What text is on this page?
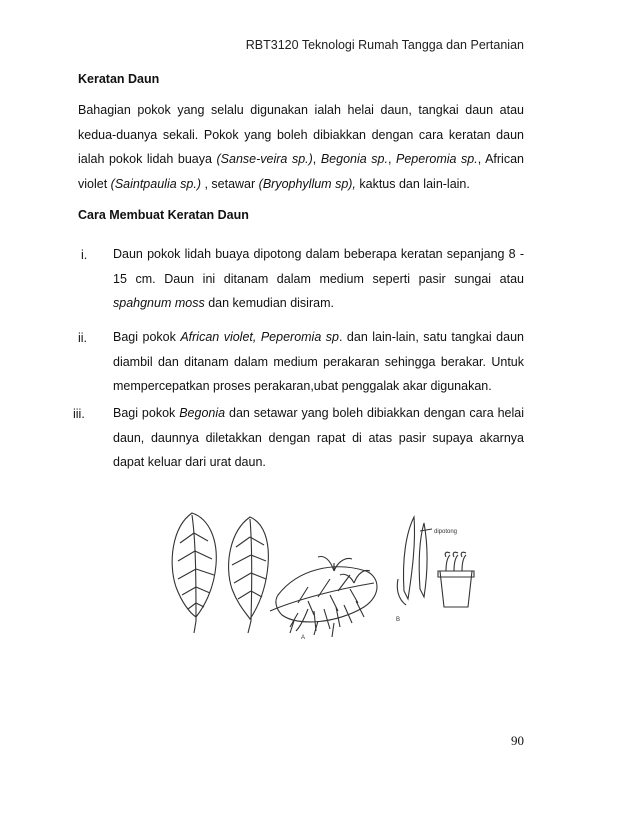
RBT3120 Teknologi Rumah Tangga dan Pertanian
Keratan Daun
Bahagian pokok yang selalu digunakan ialah helai daun, tangkai daun atau kedua-duanya sekali. Pokok yang boleh dibiakkan dengan cara keratan daun ialah pokok lidah buaya (Sanse-veira sp.), Begonia sp., Peperomia sp., African violet (Saintpaulia sp.) , setawar (Bryophyllum sp), kaktus dan lain-lain.
Cara Membuat Keratan Daun
i. Daun pokok lidah buaya dipotong dalam beberapa keratan sepanjang 8 - 15 cm. Daun ini ditanam dalam medium seperti pasir sungai atau spahgnum moss dan kemudian disiram.
ii. Bagi pokok African violet, Peperomia sp. dan lain-lain, satu tangkai daun diambil dan ditanam dalam medium perakaran sehingga berakar. Untuk mempercepatkan proses perakaran,ubat penggalak akar digunakan.
iii. Bagi pokok Begonia dan setawar yang boleh dibiakkan dengan cara helai daun, daunnya diletakkan dengan rapat di atas pasir supaya akarnya dapat keluar dari urat daun.
A
B
dipotong
90
